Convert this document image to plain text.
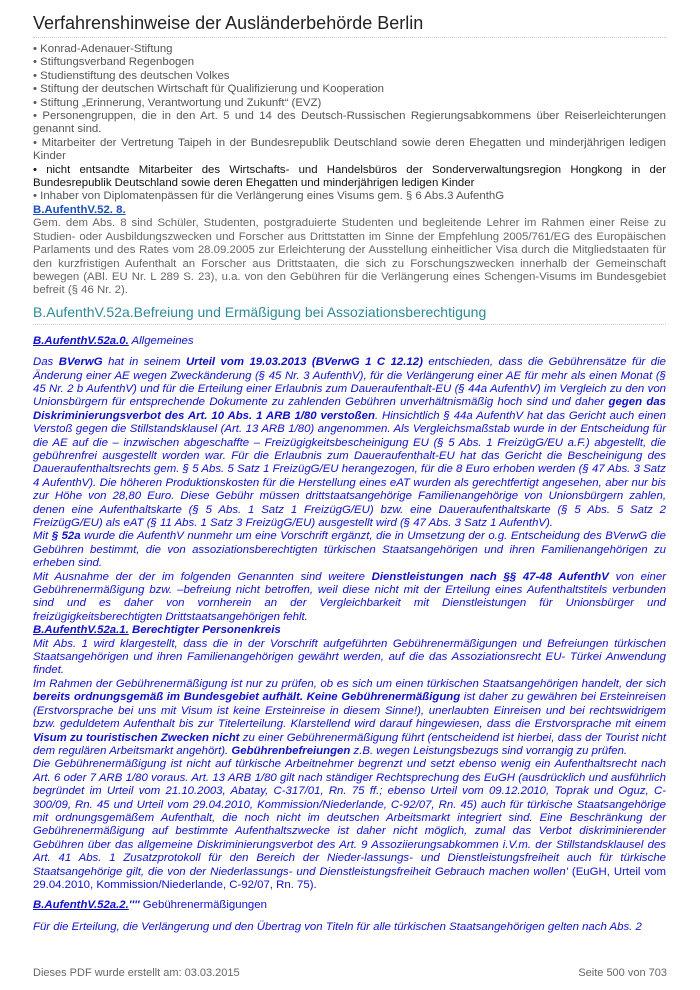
Verfahrenshinweise der Ausländerbehörde Berlin

• Konrad-Adenauer-Stiftung

• Stiftungsverband Regenbogen

• Studienstiftung des deutschen Volkes

• Stiftung der deutschen Wirtschaft für Qualifizierung und Kooperation

• Stiftung „Erinnerung, Verantwortung und Zukunft“ (EVZ)

• Personengruppen, die in den Art. 5 und 14 des Deutsch-Russischen Regierungsabkommens über Reiserleichterungen genannt sind.

• Mitarbeiter der Vertretung Taipeh in der Bundesrepublik Deutschland sowie deren Ehegatten und minderjährigen ledigen Kinder

• nicht entsandte Mitarbeiter des Wirtschafts- und Handelsbüros der Sonderverwaltungsregion Hongkong in der Bundesrepublik Deutschland sowie deren Ehegatten und minderjährigen ledigen Kinder

• Inhaber von Diplomatenpässen für die Verlängerung eines Visums gem. § 6 Abs.3 AufenthG

B.AufenthV.52. 8.

Gem. dem Abs. 8 sind Schüler, Studenten, postgraduierte Studenten und begleitende Lehrer im Rahmen einer Reise zu Studien- oder Ausbildungszwecken und Forscher aus Drittstatten im Sinne der Empfehlung 2005/761/EG des Europäischen Parlaments und des Rates vom 28.09.2005 zur Erleichterung der Ausstellung einheitlicher Visa durch die Mitgliedstaaten für den kurzfristigen Aufenthalt an Forscher aus Drittstaaten, die sich zu Forschungszwecken innerhalb der Gemeinschaft bewegen (ABl. EU Nr. L 289 S. 23), u.a. von den Gebühren für die Verlängerung eines Schengen-Visums im Bundesgebiet befreit (§ 46 Nr. 2).

B.AufenthV.52a.Befreiung und Ermäßigung bei Assoziationsberechtigung

B.AufenthV.52a.0. Allgemeines

Das BVerwG hat in seinem Urteil vom 19.03.2013 (BVerwG 1 C 12.12) entschieden, dass die Gebührensätze für die Änderung einer AE wegen Zweckänderung (§ 45 Nr. 3 AufenthV), für die Verlängerung einer AE für mehr als einen Monat (§ 45 Nr. 2 b AufenthV) und für die Erteilung einer Erlaubnis zum Daueraufenthalt-EU (§ 44a AufenthV) im Vergleich zu den von Unionsbürgern für entsprechende Dokumente zu zahlenden Gebühren unverhältnismäßig hoch sind und daher gegen das Diskriminierungsverbot des Art. 10 Abs. 1 ARB 1/80 verstoßen. Hinsichtlich § 44a AufenthV hat das Gericht auch einen Verstoß gegen die Stillstandsklausel (Art. 13 ARB 1/80) angenommen. Als Vergleichsmaßstab wurde in der Entscheidung für die AE auf die – inzwischen abgeschaffte – Freizügigkeitsbescheinigung EU (§ 5 Abs. 1 FreizügG/EU a.F.) abgestellt, die gebührenfrei ausgestellt worden war. Für die Erlaubnis zum Daueraufenthalt-EU hat das Gericht die Bescheinigung des Daueraufenthaltsrechts gem. § 5 Abs. 5 Satz 1 FreizügG/EU herangezogen, für die 8 Euro erhoben werden (§ 47 Abs. 3 Satz 4 AufenthV). Die höheren Produktionskosten für die Herstellung eines eAT wurden als gerechtfertigt angesehen, aber nur bis zur Höhe von 28,80 Euro. Diese Gebühr müssen drittstaatsangehörige Familienangehörige von Unionsbürgern zahlen, denen eine Aufenthaltskarte (§ 5 Abs. 1 Satz 1 FreizügG/EU) bzw. eine Daueraufenthaltskarte (§ 5 Abs. 5 Satz 2 FreizügG/EU) als eAT (§ 11 Abs. 1 Satz 3 FreizügG/EU) ausgestellt wird (§ 47 Abs. 3 Satz 1 AufenthV).

Mit § 52a wurde die AufenthV nunmehr um eine Vorschrift ergänzt, die in Umsetzung der o.g. Entscheidung des BVerwG die Gebühren bestimmt, die von assoziationsberechtigten türkischen Staatsangehörigen und ihren Familienangehörigen zu erheben sind.

Mit Ausnahme der der im folgenden Genannten sind weitere Dienstleistungen nach §§ 47-48 AufenthV von einer Gebührenermäßigung bzw. –befreiung nicht betroffen, weil diese nicht mit der Erteilung eines Aufenthaltstitels verbunden sind und es daher von vornherein an der Vergleichbarkeit mit Dienstleistungen für Unionsbürger und freizügigkeitsberechtigten Drittstaatsangehörigen fehlt.

B.AufenthV.52a.1. Berechtigter Personenkreis

Mit Abs. 1 wird klargestellt, dass die in der Vorschrift aufgeführten Gebührenermäßigungen und Befreiungen türkischen Staatsangehörigen und ihren Familienangehörigen gewährt werden, auf die das Assoziationsrecht EU- Türkei Anwendung findet.

Im Rahmen der Gebührenermäßigung ist nur zu prüfen, ob es sich um einen türkischen Staatsangehörigen handelt, der sich bereits ordnungsgemäß im Bundesgebiet aufhält. Keine Gebührenermäßigung ist daher zu gewähren bei Ersteinreisen (Erstvorsprache bei uns mit Visum ist keine Ersteinreise in diesem Sinne!), unerlaubten Einreisen und bei rechtswidrigem bzw. geduldetem Aufenthalt bis zur Titelerteilung. Klarstellend wird darauf hingewiesen, dass die Erstvorsprache mit einem Visum zu touristischen Zwecken nicht zu einer Gebührenermäßigung führt (entscheidend ist hierbei, dass der Tourist nicht dem regulären Arbeitsmarkt angehört). Gebührenbefreiungen z.B. wegen Leistungsbezugs sind vorrangig zu prüfen.

Die Gebührenermäßigung ist nicht auf türkische Arbeitnehmer begrenzt und setzt ebenso wenig ein Aufenthaltsrecht nach Art. 6 oder 7 ARB 1/80 voraus. Art. 13 ARB 1/80 gilt nach ständiger Rechtsprechung des EuGH (ausdrücklich und ausführlich begründet im Urteil vom 21.10.2003, Abatay, C-317/01, Rn. 75 ff.; ebenso Urteil vom 09.12.2010, Toprak und Oguz, C-300/09, Rn. 45 und Urteil vom 29.04.2010, Kommission/Niederlande, C-92/07, Rn. 45) auch für türkische Staatsangehörige mit ordnungsgemäßem Aufenthalt, die noch nicht im deutschen Arbeitsmarkt integriert sind. Eine Beschränkung der Gebührenermäßigung auf bestimmte Aufenthaltszwecke ist daher nicht möglich, zumal das Verbot diskriminierender Gebühren über das allgemeine Diskriminierungsverbot des Art. 9 Assoziierungsabkommen i.V.m. der Stillstandsklausel des Art. 41 Abs. 1 Zusatzprotokoll für den Bereich der Nieder-lassungs- und Dienstleistungsfreiheit auch für türkische Staatsangehörige gilt, die von der Niederlassungs- und Dienstleistungsfreiheit Gebrauch machen wollen' (EuGH, Urteil vom 29.04.2010, Kommission/Niederlande, C-92/07, Rn. 75).

B.AufenthV.52a.2.'''' Gebührenermäßigungen

Für die Erteilung, die Verlängerung und den Übertrag von Titeln für alle türkischen Staatsangehörigen gelten nach Abs. 2

Dieses PDF wurde erstellt am: 03.03.2015	Seite 500 von 703
